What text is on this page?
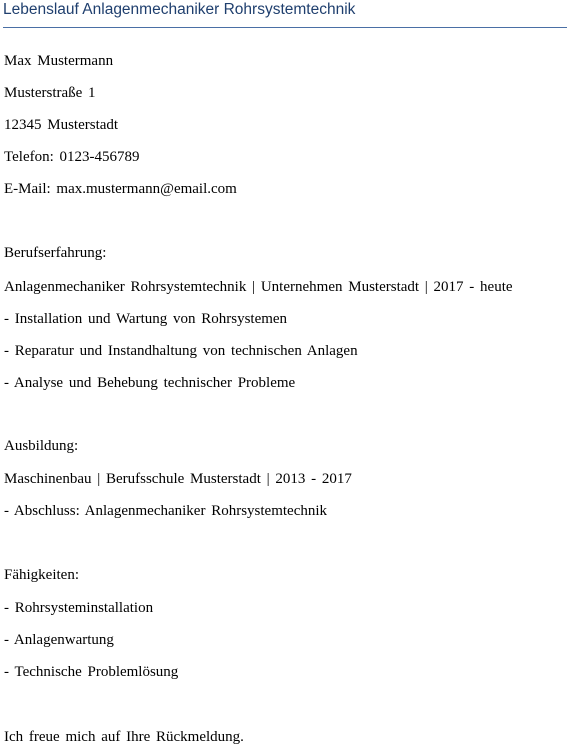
Lebenslauf Anlagenmechaniker Rohrsystemtechnik
Max Mustermann
Musterstraße 1
12345 Musterstadt
Telefon: 0123-456789
E-Mail: max.mustermann@email.com
Berufserfahrung:
Anlagenmechaniker Rohrsystemtechnik | Unternehmen Musterstadt | 2017 - heute
- Installation und Wartung von Rohrsystemen
- Reparatur und Instandhaltung von technischen Anlagen
- Analyse und Behebung technischer Probleme
Ausbildung:
Maschinenbau | Berufsschule Musterstadt | 2013 - 2017
- Abschluss: Anlagenmechaniker Rohrsystemtechnik
Fähigkeiten:
- Rohrsysteminstallation
- Anlagenwartung
- Technische Problemlösung
Ich freue mich auf Ihre Rückmeldung.
